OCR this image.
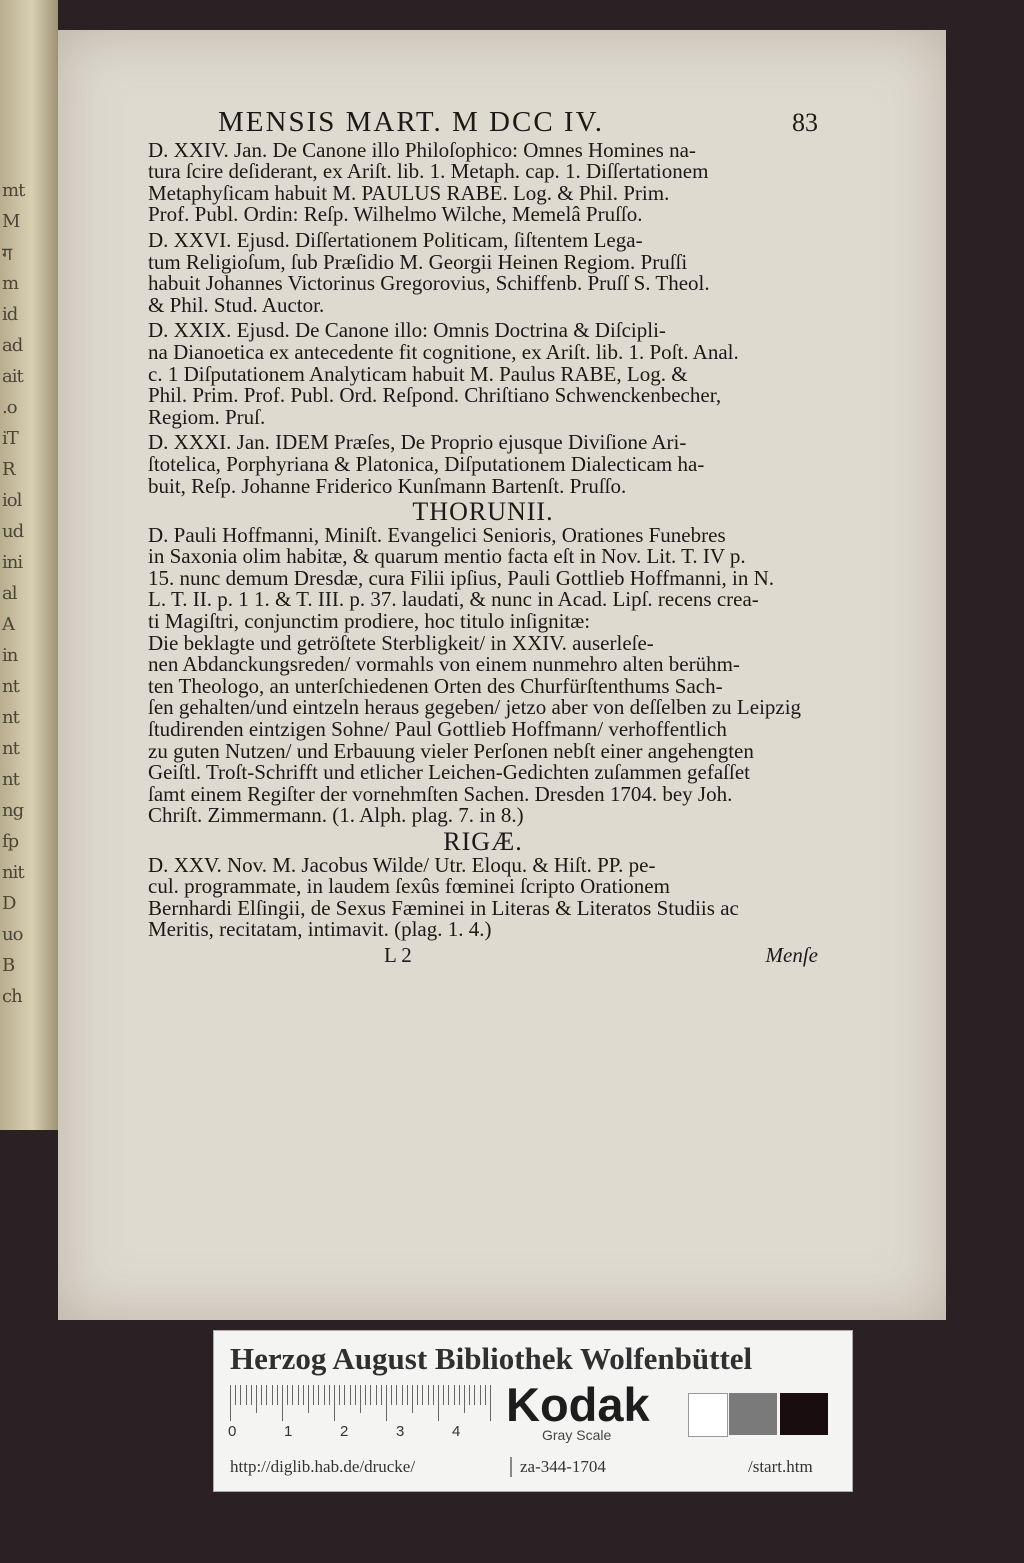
mt
M
ग
m
id
ad
ait
.o
iT
R
iol
ud
ini
al
A
in
nt
nt
nt
nt
ng
fp
nit
D
uo
B
ch
MENSIS MART. M DCC IV.	83

D. XXIV. Jan. De Canone illo Philoſophico: Omnes Homines na-

tura ſcire deſiderant, ex Ariſt. lib. 1. Metaph. cap. 1. Diſſertationem

Metaphyſicam habuit M. PAULUS RABE. Log. & Phil. Prim.

Prof. Publ. Ordin: Reſp. Wilhelmo Wilche, Memelâ Pruſſo.

D. XXVI. Ejusd. Diſſertationem Politicam, ſiſtentem Lega-

tum Religioſum, ſub Præſidio M. Georgii Heinen Regiom. Pruſſi

habuit Johannes Victorinus Gregorovius, Schiffenb. Pruſſ S. Theol.

& Phil. Stud. Auctor.

D. XXIX. Ejusd. De Canone illo: Omnis Doctrina & Diſcipli-

na Dianoetica ex antecedente fit cognitione, ex Ariſt. lib. 1. Poſt. Anal.

c. 1 Diſputationem Analyticam habuit M. Paulus RABE, Log. &

Phil. Prim. Prof. Publ. Ord. Reſpond. Chriſtiano Schwenckenbecher,

Regiom. Pruſ.

D. XXXI. Jan. IDEM Præſes, De Proprio ejusque Diviſione Ari-

ſtotelica, Porphyriana & Platonica, Diſputationem Dialecticam ha-

buit, Reſp. Johanne Friderico Kunſmann Bartenſt. Pruſſo.

THORUNII.

D. Pauli Hoffmanni, Miniſt. Evangelici Senioris, Orationes Funebres

in Saxonia olim habitæ, & quarum mentio facta eſt in Nov. Lit. T. IV p.

15. nunc demum Dresdæ, cura Filii ipſius, Pauli Gottlieb Hoffmanni, in N.

L. T. II. p. 1 1. & T. III. p. 37. laudati, & nunc in Acad. Lipſ. recens crea-

ti Magiſtri, conjunctim prodiere, hoc titulo inſignitæ:

Die beklagte und getröſtete Sterbligkeit/ in XXIV. auserleſe-

nen Abdanckungsreden/ vormahls von einem nunmehro alten berühm-

ten Theologo, an unterſchiedenen Orten des Churfürſtenthums Sach-

ſen gehalten/und eintzeln heraus gegeben/ jetzo aber von deſſelben zu Leipzig

ſtudirenden eintzigen Sohne/ Paul Gottlieb Hoffmann/ verhoffentlich

zu guten Nutzen/ und Erbauung vieler Perſonen nebſt einer angehengten

Geiſtl. Troſt-Schrifft und etlicher Leichen-Gedichten zuſammen gefaſſet

ſamt einem Regiſter der vornehmſten Sachen. Dresden 1704. bey Joh.

Chriſt. Zimmermann. (1. Alph. plag. 7. in 8.)

RIGÆ.

D. XXV. Nov. M. Jacobus Wilde/ Utr. Eloqu. & Hiſt. PP. pe-

cul. programmate, in laudem ſexûs fœminei ſcripto Orationem

Bernhardi Elſingii, de Sexus Fæminei in Literas & Literatos Studiis ac

Meritis, recitatam, intimavit. (plag. 1. 4.)

L 2	Menſe
Herzog August Bibliothek Wolfenbüttel
0	1	2	3	4
Kodak
Gray Scale
http://diglib.hab.de/drucke/	za-344-1704	/start.htm
